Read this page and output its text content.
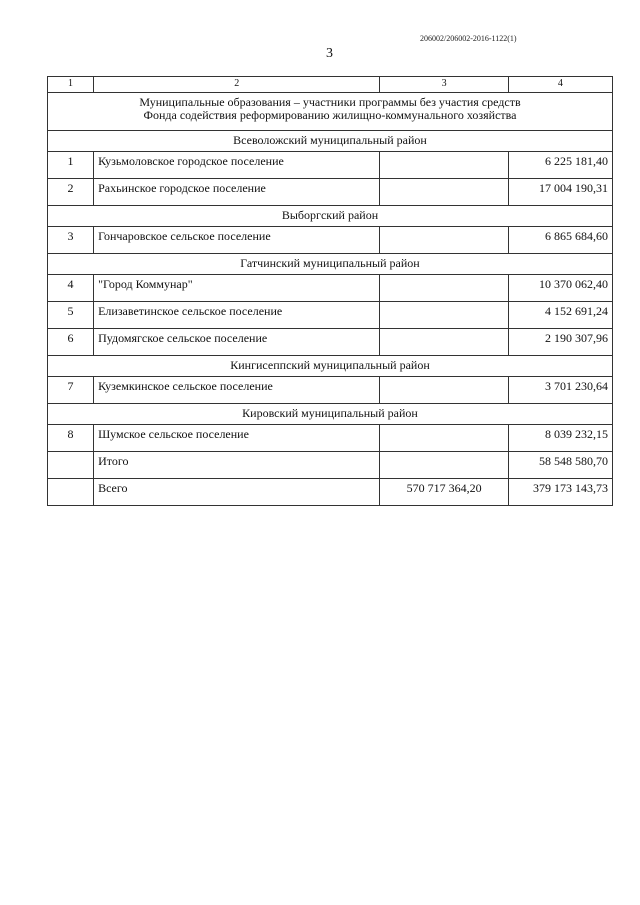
206002/206002-2016-1122(1)
3
1	2	3	4

Муниципальные образования – участники программы без участия средств
Фонда содействия реформированию жилищно-коммунального хозяйства			

Всеволожский муниципальный район			
1	Кузьмоловское городское поселение		6 225 181,40
2	Рахьинское городское поселение		17 004 190,31
Выборгский район			
3	Гончаровское сельское поселение		6 865 684,60
Гатчинский муниципальный район			
4	"Город Коммунар"		10 370 062,40
5	Елизаветинское сельское поселение		4 152 691,24
6	Пудомягское сельское поселение		2 190 307,96
Кингисеппский муниципальный район			
7	Куземкинское сельское поселение		3 701 230,64
Кировский муниципальный район			
8	Шумское сельское поселение		8 039 232,15
	Итого		58 548 580,70
	Всего	570 717 364,20	379 173 143,73
